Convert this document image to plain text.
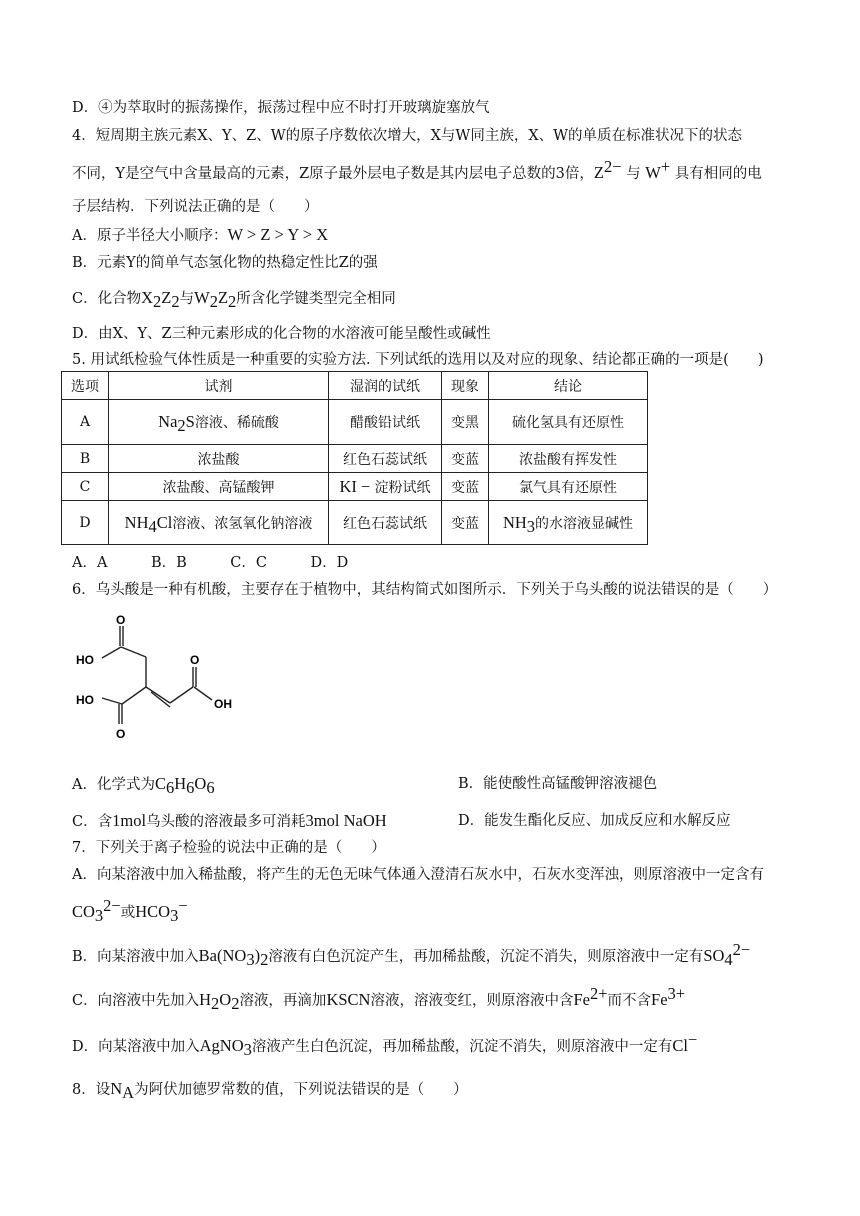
D．④为萃取时的振荡操作，振荡过程中应不时打开玻璃旋塞放气
4．短周期主族元素X、Y、Z、W的原子序数依次增大，X与W同主族，X、W的单质在标准状况下的状态
不同，Y是空气中含量最高的元素，Z原子最外层电子数是其内层电子总数的3倍，$Z^{2-}$ 与 W+ 具有相同的电
子层结构．下列说法正确的是（　　）
A．原子半径大小顺序：W > Z > Y > X
B．元素Y的简单气态氢化物的热稳定性比Z的强
C．化合物$X_2Z_2$与$W_2Z_2$所含化学键类型完全相同
D．由X、Y、Z三种元素形成的化合物的水溶液可能呈酸性或碱性
5. 用试纸检验气体性质是一种重要的实验方法. 下列试纸的选用以及对应的现象、结论都正确的一项是(　　)
选项	试剂	湿润的试纸	现象	结论
A	$Na_2S$溶液、稀硫酸	醋酸铅试纸	变黑	硫化氢具有还原性
B	浓盐酸	红色石蕊试纸	变蓝	浓盐酸有挥发性
C	浓盐酸、高锰酸钾	KI − 淀粉试纸	变蓝	氯气具有还原性
D	$NH_4Cl$溶液、浓氢氧化钠溶液	红色石蕊试纸	变蓝	$NH_3$的水溶液显碱性
A．A　　　B．B　　　C．C　　　D．D
6．乌头酸是一种有机酸，主要存在于植物中，其结构简式如图所示．下列关于乌头酸的说法错误的是（　　）
O
HO
HO
O
O
OH
A．化学式为$C_6H_6O_6$	B．能使酸性高锰酸钾溶液褪色
C．含1mol乌头酸的溶液最多可消耗3mol NaOH	D．能发生酯化反应、加成反应和水解反应
7．下列关于离子检验的说法中正确的是（　　）
A．向某溶液中加入稀盐酸，将产生的无色无味气体通入澄清石灰水中，石灰水变浑浊，则原溶液中一定含有
$CO_3^{2-}$或$HCO_3^-$
B．向某溶液中加入$Ba(NO_3)_2$溶液有白色沉淀产生，再加稀盐酸，沉淀不消失，则原溶液中一定有$SO_4^{2-}$
C．向溶液中先加入$H_2O_2$溶液，再滴加KSCN溶液，溶液变红，则原溶液中含$Fe^{2+}$而不含$Fe^{3+}$
D．向某溶液中加入AgNO$_3$溶液产生白色沉淀，再加稀盐酸，沉淀不消失，则原溶液中一定有Cl−
8．设$N_A$为阿伏加德罗常数的值，下列说法错误的是（　　）
